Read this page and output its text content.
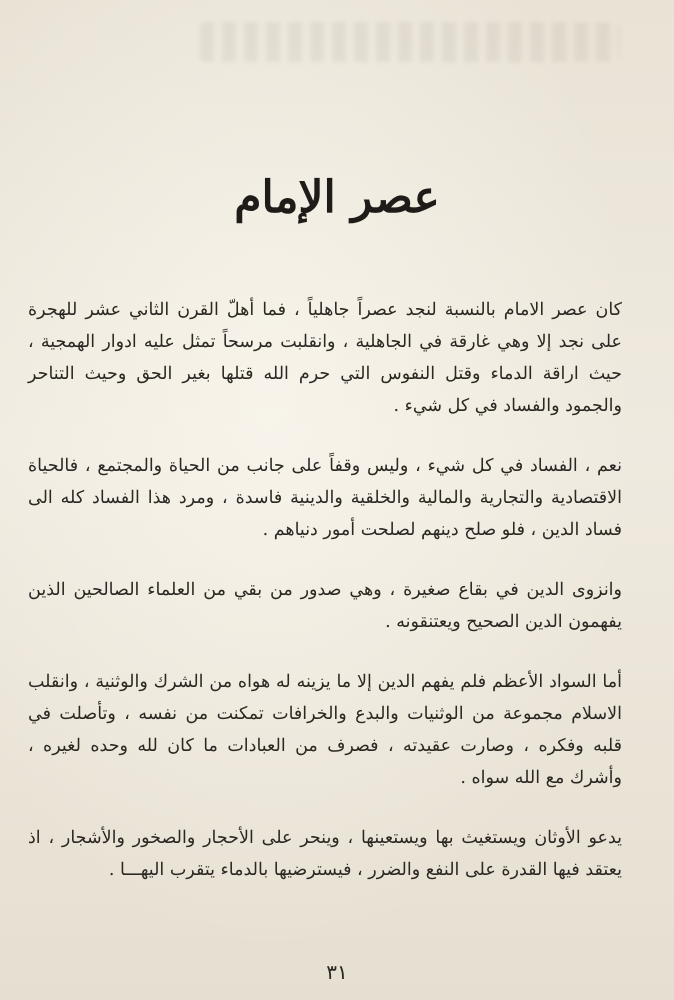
عصر الإمام

كان عصر الامام بالنسبة لنجد عصراً جاهلياً ، فما أهلّ القرن الثاني عشر للهجرة على نجد إلا وهي غارقة في الجاهلية ، وانقلبت مرسحاً تمثل عليه ادوار الهمجية ، حيث اراقة الدماء وقتل النفوس التي حرم الله قتلها بغير الحق وحيث التناحر والجمود والفساد في كل شيء .

نعم ، الفساد في كل شيء ، وليس وقفاً على جانب من الحياة والمجتمع ، فالحياة الاقتصادية والتجارية والمالية والخلقية والدينية فاسدة ، ومرد هذا الفساد كله الى فساد الدين ، فلو صلح دينهم لصلحت أمور دنياهم .

وانزوى الدين في بقاع صغيرة ، وهي صدور من بقي من العلماء الصالحين الذين يفهمون الدين الصحيح ويعتنقونه .

أما السواد الأعظم فلم يفهم الدين إلا ما يزينه له هواه من الشرك والوثنية ، وانقلب الاسلام مجموعة من الوثنيات والبدع والخرافات تمكنت من نفسه ، وتأصلت في قلبه وفكره ، وصارت عقيدته ، فصرف من العبادات ما كان لله وحده لغيره ، وأشرك مع الله سواه .

يدعو الأوثان ويستغيث بها ويستعينها ، وينحر على الأحجار والصخور والأشجار ، اذ يعتقد فيها القدرة على النفع والضرر ، فيسترضيها بالدماء يتقرب اليهـــا .

٣١
